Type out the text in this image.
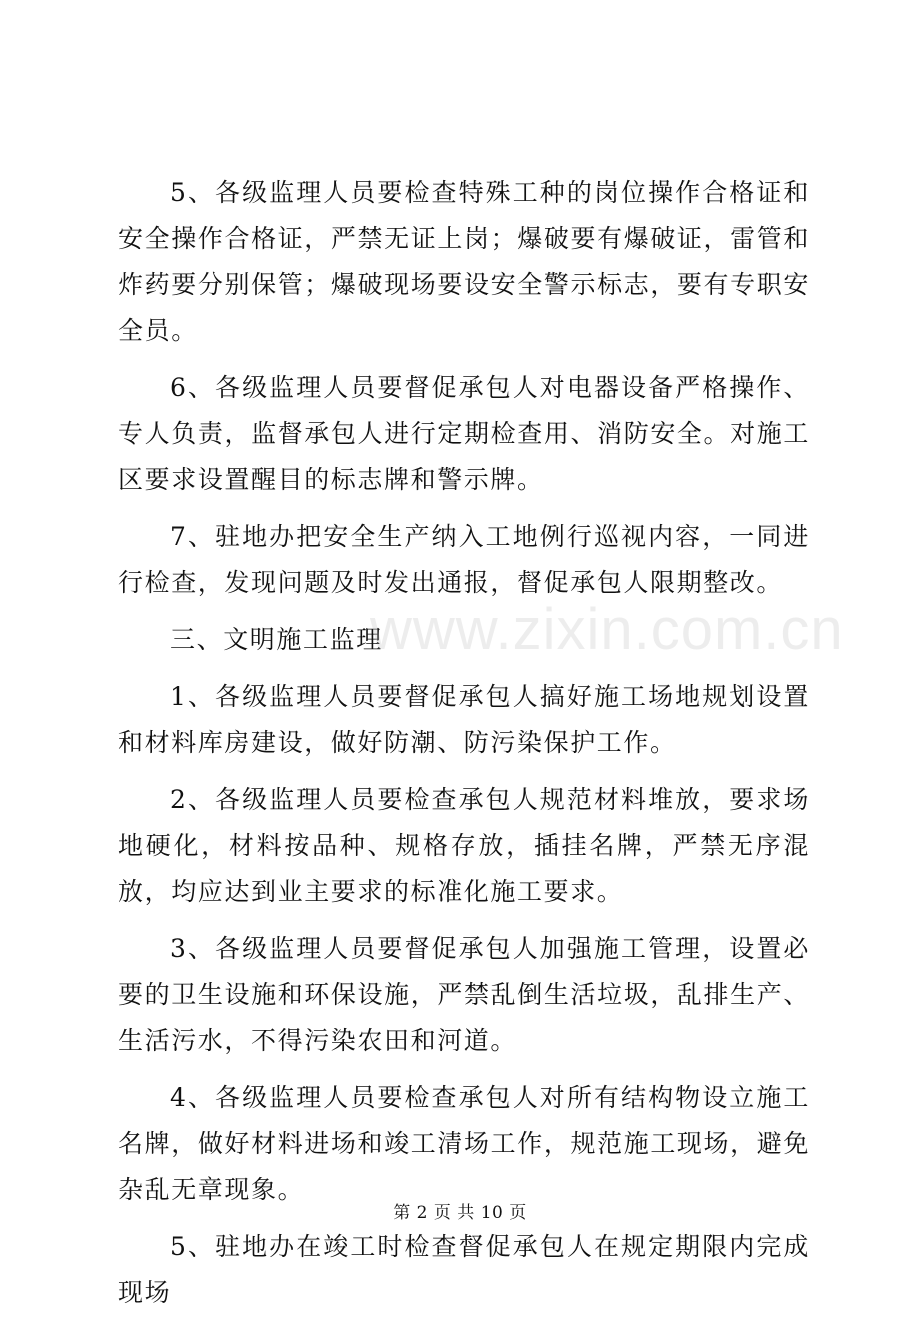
5、各级监理人员要检查特殊工种的岗位操作合格证和安全操作合格证，严禁无证上岗；爆破要有爆破证，雷管和炸药要分别保管；爆破现场要设安全警示标志，要有专职安全员。

6、各级监理人员要督促承包人对电器设备严格操作、专人负责，监督承包人进行定期检查用、消防安全。对施工区要求设置醒目的标志牌和警示牌。

7、驻地办把安全生产纳入工地例行巡视内容，一同进行检查，发现问题及时发出通报，督促承包人限期整改。

三、文明施工监理

1、各级监理人员要督促承包人搞好施工场地规划设置和材料库房建设，做好防潮、防污染保护工作。

2、各级监理人员要检查承包人规范材料堆放，要求场地硬化，材料按品种、规格存放，插挂名牌，严禁无序混放，均应达到业主要求的标准化施工要求。

3、各级监理人员要督促承包人加强施工管理，设置必要的卫生设施和环保设施，严禁乱倒生活垃圾，乱排生产、生活污水，不得污染农田和河道。

4、各级监理人员要检查承包人对所有结构物设立施工名牌，做好材料进场和竣工清场工作，规范施工现场，避免杂乱无章现象。

5、驻地办在竣工时检查督促承包人在规定期限内完成现场

www.zixin.com.cn
第 2 页 共 10 页
